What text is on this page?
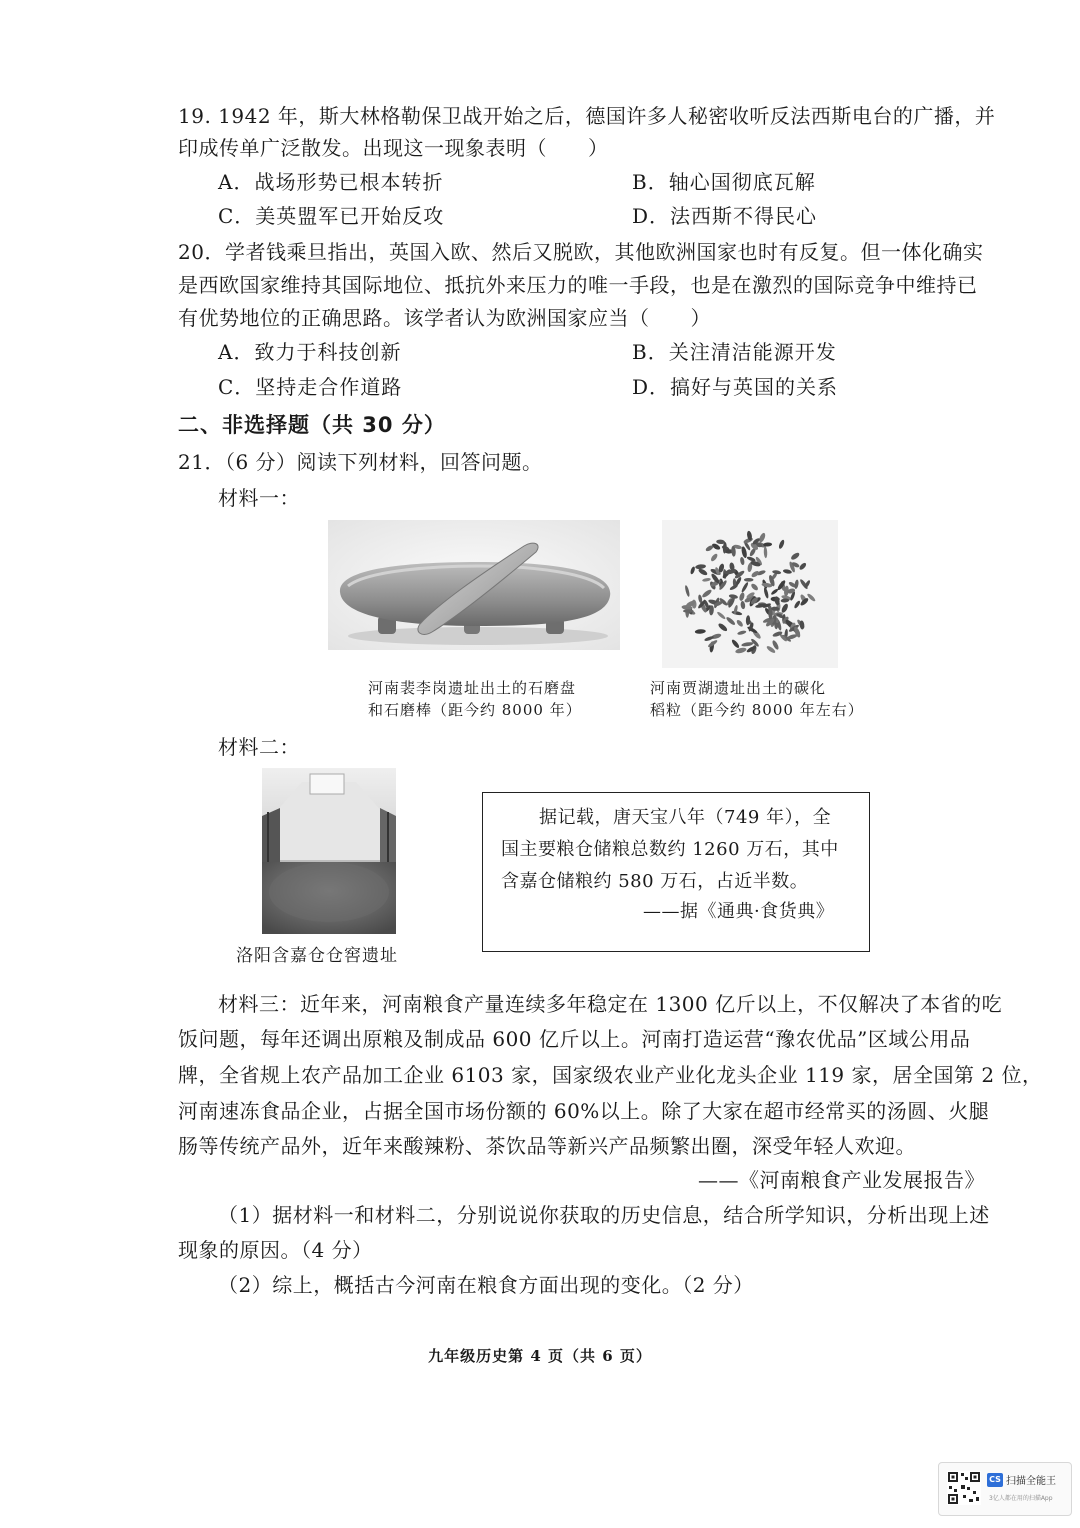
19. 1942 年，斯大林格勒保卫战开始之后，德国许多人秘密收听反法西斯电台的广播，并
印成传单广泛散发。出现这一现象表明（　　）
A．战场形势已根本转折	B．轴心国彻底瓦解
C．美英盟军已开始反攻	D．法西斯不得民心
20．学者钱乘旦指出，英国入欧、然后又脱欧，其他欧洲国家也时有反复。但一体化确实
是西欧国家维持其国际地位、抵抗外来压力的唯一手段，也是在激烈的国际竞争中维持已
有优势地位的正确思路。该学者认为欧洲国家应当（　　）
A．致力于科技创新	B．关注清洁能源开发
C．坚持走合作道路	D．搞好与英国的关系
二、非选择题（共 30 分）
21．（6 分）阅读下列材料，回答问题。
材料一：
河南裴李岗遗址出土的石磨盘
和石磨棒（距今约 8000 年）
河南贾湖遗址出土的碳化
稻粒（距今约 8000 年左右）
材料二：
洛阳含嘉仓仓窖遗址
据记载，唐天宝八年（749 年），全
国主要粮仓储粮总数约 1260 万石，其中
含嘉仓储粮约 580 万石，占近半数。
——据《通典·食货典》
材料三：近年来，河南粮食产量连续多年稳定在 1300 亿斤以上，不仅解决了本省的吃
饭问题，每年还调出原粮及制成品 600 亿斤以上。河南打造运营“豫农优品”区域公用品
牌，全省规上农产品加工企业 6103 家，国家级农业产业化龙头企业 119 家，居全国第 2 位，
河南速冻食品企业，占据全国市场份额的 60%以上。除了大家在超市经常买的汤圆、火腿
肠等传统产品外，近年来酸辣粉、茶饮品等新兴产品频繁出圈，深受年轻人欢迎。
——《河南粮食产业发展报告》
（1）据材料一和材料二，分别说说你获取的历史信息，结合所学知识，分析出现上述
现象的原因。（4 分）
（2）综上，概括古今河南在粮食方面出现的变化。（2 分）
九年级历史第 4 页（共 6 页）
CS 扫描全能王
3亿人都在用的扫描App
